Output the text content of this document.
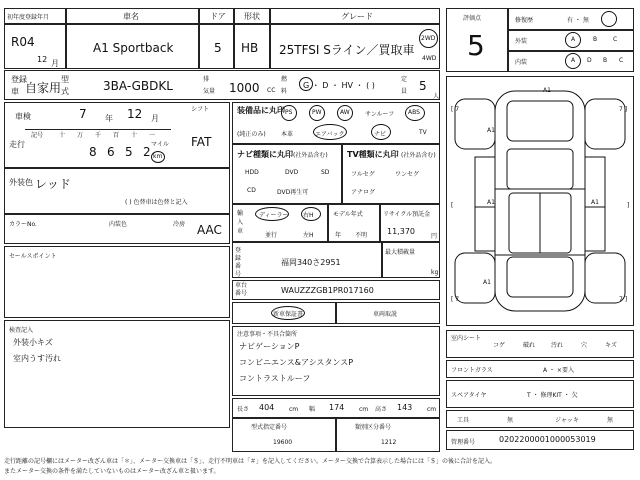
初年度登録年月	車名	ドア 形状	グレード
R04
12 月
A1 Sportback	5 HB 25TFSI Sライン／買取車
2WD
4WD
登録
車 自家用
型
式	3BA-GBDKL	排
気量 1000 CC
燃
料
G ・ D ・ HV ・ ( )
定
員 5
人
車検	7 年 12 月
シフト
FAT
走行
記号	十 万 千 百 十 一
8 6 5 2
マイル
km
外装色 レッド
( ) 色替車は色替と記入
カラーNo.	内装色	冷房 AAC
セールスポイント
検査記入
外装小キズ
室内うす汚れ
装備品に丸印
(純正のみ)
PS	PW	AW	サンルーフ ABS
本革	エアバック	ナビ	TV
ナビ種類に丸印 (社外品含む)
HDD	DVD	SD
CD	DVD再生可
TV種類に丸印 (社外品含む)
フルセグ	ワンセグ
アナログ
輸入車
ディーラー
並行
右H
左H
モデル年式
年 不明
リサイクル預託金
11,370
円
登録番号
福岡340さ2951
最大積載量
kg
車台番号	WAUZZZGB1PR017160
新車保証書	車両取説
注意事項・不具合箇所
ナビゲーションP
コンビニエンス&アシスタンスP
コントラストルーフ
長さ 404 cm 幅 174 cm 高さ 143 cm
型式指定番号
19600
類別区分番号
1212
評価点
5
修復歴	有 ・ 無
外装	A	B	C
内装	A D B C
[ 7	7 ]
[ 7	7 ]
[	]
A1
A1
A1	A1
A1
室内シート
コゲ	破れ	汚れ	穴	キズ
フロントガラス	A ・ ×要入
スペアタイヤ	T ・ 修理KIT ・ 欠
工具	無	ジャッキ	無
管理番号	0202200001000053019
走行距離の記号欄にはメーター改ざん車は「＊」、メーター交換車は「＄」、走行不明車は「＃」を記入してください。メーター交換で合算表示した場合には「＄」の後に合計を記入。
またメーター交換の条件を満たしていないものはメーター改ざん車と扱います。
